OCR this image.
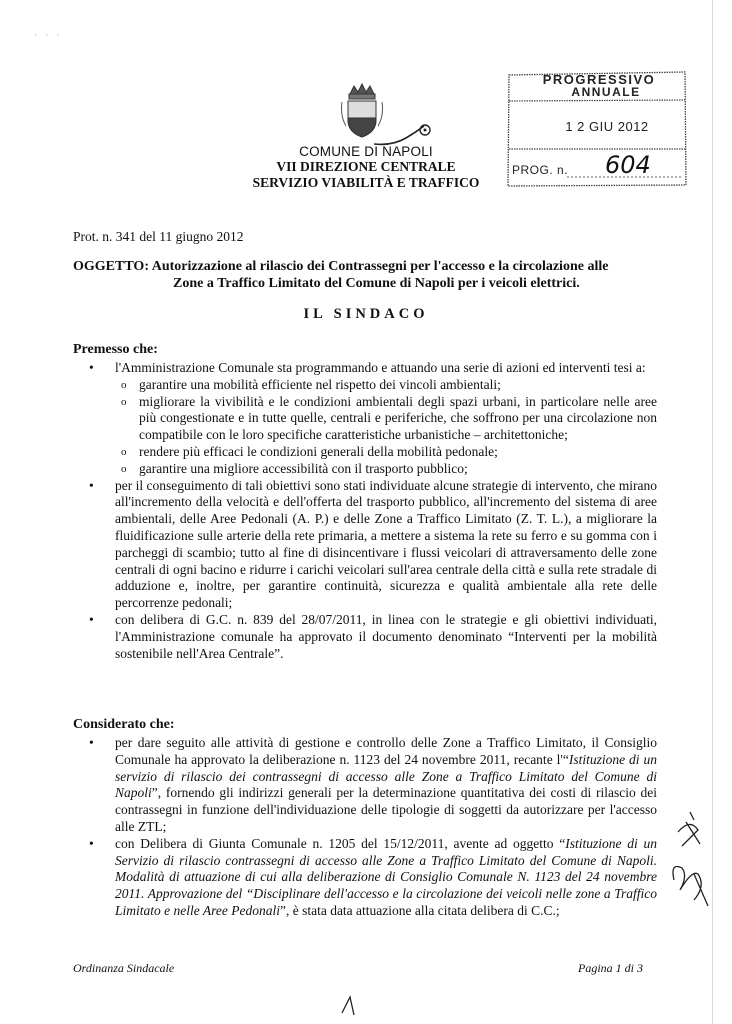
· · ·
COMUNE DI NAPOLI
VII DIREZIONE CENTRALE
SERVIZIO VIABILITÀ E TRAFFICO
PROGRESSIVO
ANNUALE
1 2 GIU 2012
PROG. n. 604
Prot. n. 341 del 11 giugno 2012
OGGETTO: Autorizzazione al rilascio dei Contrassegni per l'accesso e la circolazione alle
Zone a Traffico Limitato del Comune di Napoli per i veicoli elettrici.
IL SINDACO
Premesso che:
• l'Amministrazione Comunale sta programmando e attuando una serie di azioni ed interventi tesi a:
o garantire una mobilità efficiente nel rispetto dei vincoli ambientali;
o migliorare la vivibilità e le condizioni ambientali degli spazi urbani, in particolare nelle aree più congestionate e in tutte quelle, centrali e periferiche, che soffrono per una circolazione non compatibile con le loro specifiche caratteristiche urbanistiche – architettoniche;
o rendere più efficaci le condizioni generali della mobilità pedonale;
o garantire una migliore accessibilità con il trasporto pubblico;
• per il conseguimento di tali obiettivi sono stati individuate alcune strategie di intervento, che mirano all'incremento della velocità e dell'offerta del trasporto pubblico, all'incremento del sistema di aree ambientali, delle Aree Pedonali (A. P.) e delle Zone a Traffico Limitato (Z. T. L.), a migliorare la fluidificazione sulle arterie della rete primaria, a mettere a sistema la rete su ferro e su gomma con i parcheggi di scambio; tutto al fine di disincentivare i flussi veicolari di attraversamento delle zone centrali di ogni bacino e ridurre i carichi veicolari sull'area centrale della città e sulla rete stradale di adduzione e, inoltre, per garantire continuità, sicurezza e qualità ambientale alla rete delle percorrenze pedonali;
• con delibera di G.C. n. 839 del 28/07/2011, in linea con le strategie e gli obiettivi individuati, l'Amministrazione comunale ha approvato il documento denominato “Interventi per la mobilità sostenibile nell'Area Centrale”.
Considerato che:
• per dare seguito alle attività di gestione e controllo delle Zone a Traffico Limitato, il Consiglio Comunale ha approvato la deliberazione n. 1123 del 24 novembre 2011, recante l'“Istituzione di un servizio di rilascio dei contrassegni di accesso alle Zone a Traffico Limitato del Comune di Napoli”, fornendo gli indirizzi generali per la determinazione quantitativa dei costi di rilascio dei contrassegni in funzione dell'individuazione delle tipologie di soggetti da autorizzare per l'accesso alle ZTL;
• con Delibera di Giunta Comunale n. 1205 del 15/12/2011, avente ad oggetto “Istituzione di un Servizio di rilascio contrassegni di accesso alle Zone a Traffico Limitato del Comune di Napoli. Modalità di attuazione di cui alla deliberazione di Consiglio Comunale N. 1123 del 24 novembre 2011. Approvazione del “Disciplinare dell'accesso e la circolazione dei veicoli nelle zone a Traffico Limitato e nelle Aree Pedonali”, è stata data attuazione alla citata delibera di C.C.;
Ordinanza Sindacale	Pagina 1 di 3
